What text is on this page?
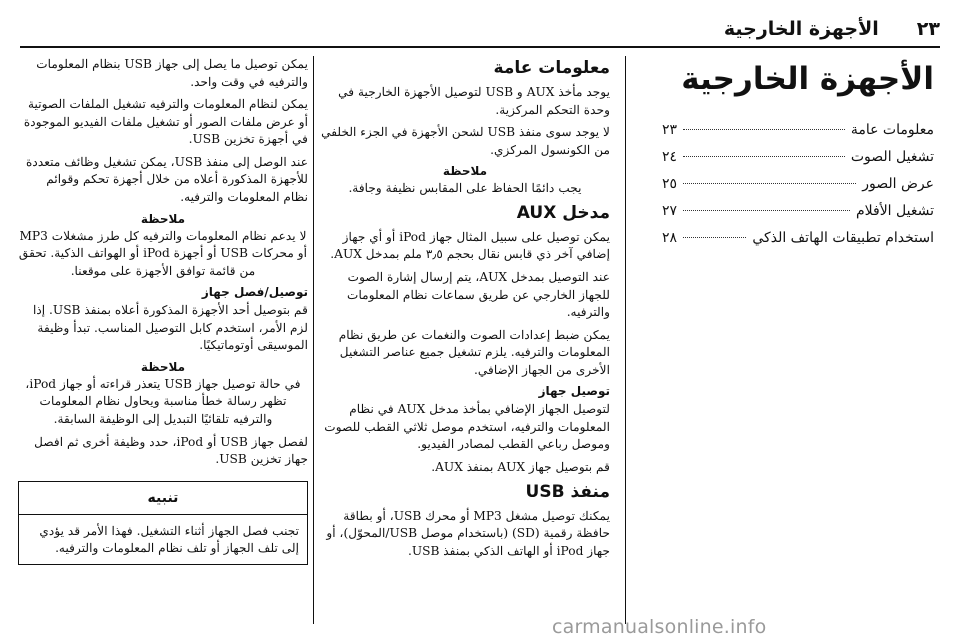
٢٣
الأجهزة الخارجية
الأجهزة الخارجية
معلومات عامة
٢٣
تشغيل الصوت
٢٤
عرض الصور
٢٥
تشغيل الأفلام
٢٧
استخدام تطبيقات الهاتف الذكي
٢٨
معلومات عامة

يوجد مأخذ AUX و USB لتوصيل الأجهزة الخارجية في وحدة التحكم المركزية.

لا يوجد سوى منفذ USB لشحن الأجهزة في الجزء الخلفي من الكونسول المركزي.

ملاحظة

يجب دائمًا الحفاظ على المقابس نظيفة وجافة.

مدخل AUX

يمكن توصيل على سبيل المثال جهاز iPod أو أي جهاز إضافي آخر ذي قابس نقال بحجم ٣٫٥ ملم بمدخل AUX.

عند التوصيل بمدخل AUX، يتم إرسال إشارة الصوت للجهاز الخارجي عن طريق سماعات نظام المعلومات والترفيه.

يمكن ضبط إعدادات الصوت والنغمات عن طريق نظام المعلومات والترفيه. يلزم تشغيل جميع عناصر التشغيل الأخرى من الجهاز الإضافي.

توصيل جهاز

لتوصيل الجهاز الإضافي بمأخذ مدخل AUX في نظام المعلومات والترفيه، استخدم موصل ثلاثي القطب للصوت وموصل رباعي القطب لمصادر الفيديو.

قم بتوصيل جهاز AUX بمنفذ AUX.

منفذ USB

يمكنك توصيل مشغل MP3 أو محرك USB، أو بطاقة حافظة رقمية (SD) (باستخدام موصل USB/المحوّل)، أو جهاز iPod أو الهاتف الذكي بمنفذ USB.

يمكن توصيل ما يصل إلى جهاز USB بنظام المعلومات والترفيه في وقت واحد.

يمكن لنظام المعلومات والترفيه تشغيل الملفات الصوتية أو عرض ملفات الصور أو تشغيل ملفات الفيديو الموجودة في أجهزة تخزين USB.

عند الوصل إلى منفذ USB، يمكن تشغيل وظائف متعددة للأجهزة المذكورة أعلاه من خلال أجهزة تحكم وقوائم نظام المعلومات والترفيه.

ملاحظة

لا يدعم نظام المعلومات والترفيه كل طرز مشغلات MP3 أو محركات USB أو أجهزة iPod أو الهواتف الذكية. تحقق من قائمة توافق الأجهزة على موقعنا.

توصيل/فصل جهاز

قم بتوصيل أحد الأجهزة المذكورة أعلاه بمنفذ USB. إذا لزم الأمر، استخدم كابل التوصيل المناسب. تبدأ وظيفة الموسيقى أوتوماتيكيًا.

ملاحظة

في حالة توصيل جهاز USB يتعذر قراءته أو جهاز iPod، تظهر رسالة خطأ مناسبة ويحاول نظام المعلومات والترفيه تلقائيًا التبديل إلى الوظيفة السابقة.

لفصل جهاز USB أو iPod، حدد وظيفة أخرى ثم افصل جهاز تخزين USB.

تنبيه
تجنب فصل الجهاز أثناء التشغيل. فهذا الأمر قد يؤدي إلى تلف الجهاز أو تلف نظام المعلومات والترفيه.
carmanualsonline.info
